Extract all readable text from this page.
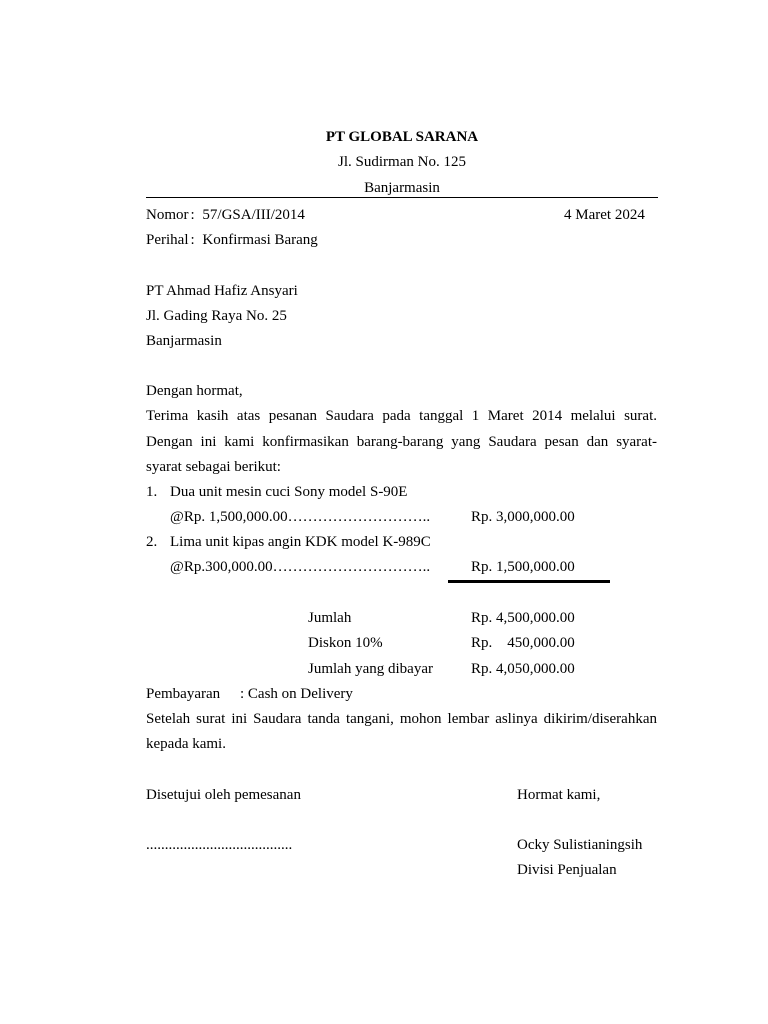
PT GLOBAL SARANA
Jl. Sudirman No. 125
Banjarmasin
Nomor : 57/GSA/III/2014	4 Maret 2024
Perihal : Konfirmasi Barang
PT Ahmad Hafiz Ansyari
Jl. Gading Raya No. 25
Banjarmasin
Dengan hormat,
Terima kasih atas pesanan Saudara pada tanggal 1 Maret 2014 melalui surat.
Dengan ini kami konfirmasikan barang-barang yang Saudara pesan dan syarat-
syarat sebagai berikut:
1. Dua unit mesin cuci Sony model S-90E
@Rp. 1,500,000.00………………………..	Rp. 3,000,000.00
2. Lima unit kipas angin KDK model K-989C
@Rp.300,000.00…………………………..	Rp. 1,500,000.00
Jumlah	Rp. 4,500,000.00
Diskon 10%	Rp.    450,000.00
Jumlah yang dibayar	Rp. 4,050,000.00
Pembayaran : Cash on Delivery
Setelah surat ini Saudara tanda tangani, mohon lembar aslinya dikirim/diserahkan
kepada kami.
Disetujui oleh pemesanan	Hormat kami,
.......................................	Ocky Sulistianingsih
Divisi Penjualan
